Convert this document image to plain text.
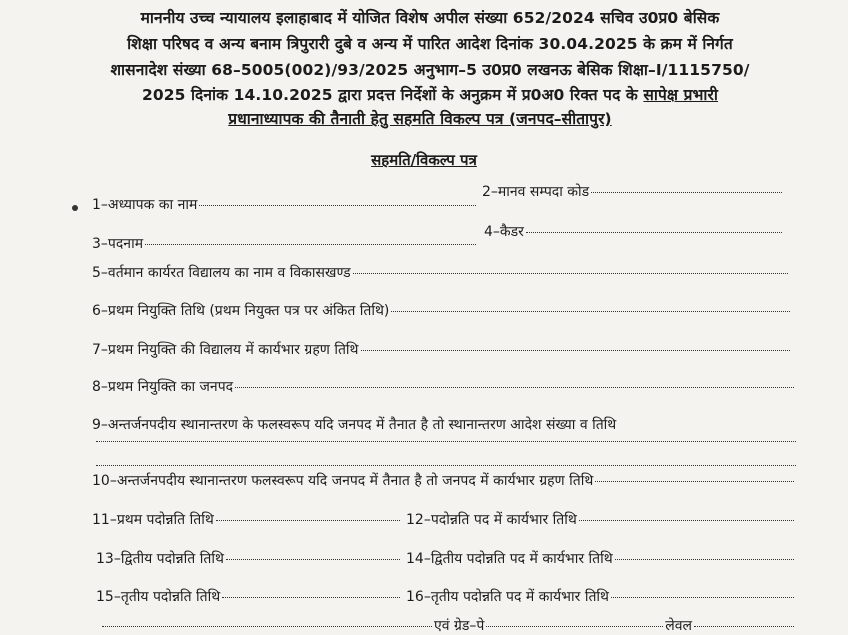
माननीय उच्च न्यायालय इलाहाबाद में योजित विशेष अपील संख्या 652/2024 सचिव उ0प्र0 बेसिक
शिक्षा परिषद व अन्य बनाम त्रिपुरारी दुबे व अन्य में पारित आदेश दिनांक 30.04.2025 के क्रम में निर्गत
शासनादेश संख्या 68–5005(002)/93/2025 अनुभाग–5 उ0प्र0 लखनऊ बेसिक शिक्षा–I/1115750/
2025 दिनांक 14.10.2025 द्वारा प्रदत्त निर्देशों के अनुक्रम में प्र0अ0 रिक्त पद के सापेक्ष प्रभारी
प्रधानाध्यापक की तैनाती हेतु सहमति विकल्प पत्र (जनपद–सीतापुर)
सहमति/विकल्प पत्र
1–अध्यापक का नाम
2–मानव सम्पदा कोड
3–पदनाम
4–कैडर
5–वर्तमान कार्यरत विद्यालय का नाम व विकासखण्ड
6–प्रथम नियुक्ति तिथि (प्रथम नियुक्त पत्र पर अंकित तिथि)
7–प्रथम नियुक्ति की विद्यालय में कार्यभार ग्रहण तिथि
8–प्रथम नियुक्ति का जनपद
9–अन्तर्जनपदीय स्थानान्तरण के फलस्वरूप यदि जनपद में तैनात है तो स्थानान्तरण आदेश संख्या व तिथि
10–अन्तर्जनपदीय स्थानान्तरण फलस्वरूप यदि जनपद में तैनात है तो जनपद में कार्यभार ग्रहण तिथि
11–प्रथम पदोन्नति तिथि	12–पदोन्नति पद में कार्यभार तिथि
13–द्वितीय पदोन्नति तिथि	14–द्वितीय पदोन्नति पद में कार्यभार तिथि
15–तृतीय पदोन्नति तिथि	16–तृतीय पदोन्नति पद में कार्यभार तिथि
एवं ग्रेड–पे	लेवल
